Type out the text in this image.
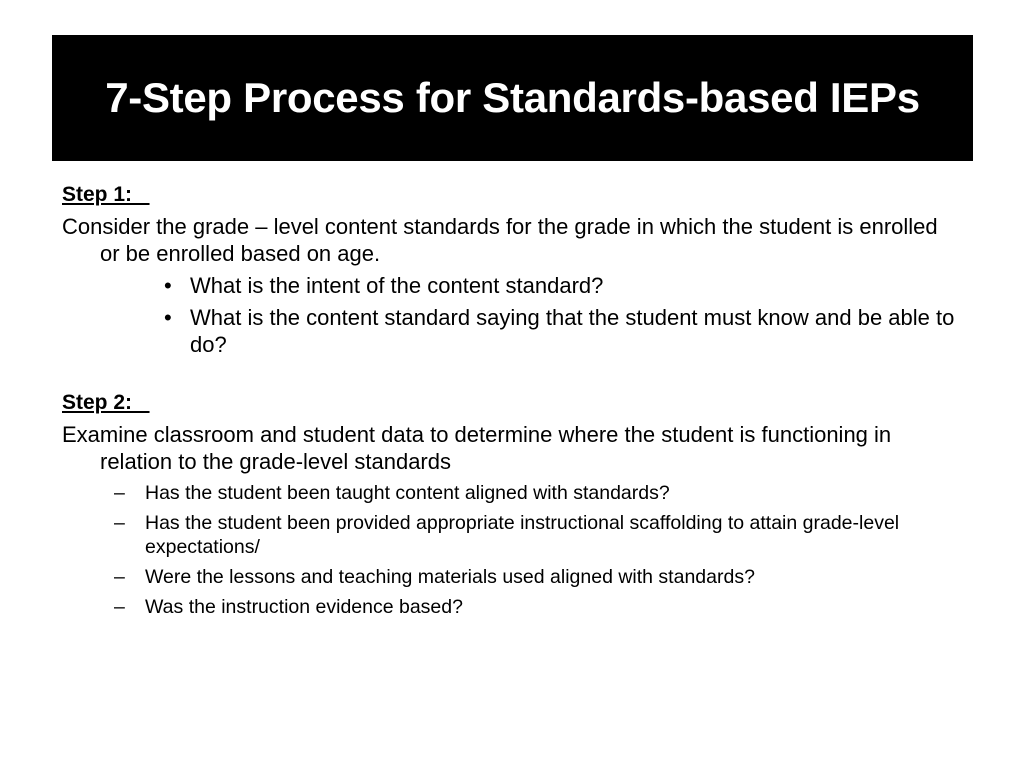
7-Step Process for Standards-based IEPs
Step 1:
Consider the grade – level content standards for the grade in which the student is enrolled or be enrolled based on age.
• What is the intent of the content standard?
• What is the content standard saying that the student must know and be able to do?
Step 2:
Examine classroom and student data to determine where the student is functioning in relation to the grade-level standards
– Has the student been taught content aligned with standards?
– Has the student been provided appropriate instructional scaffolding to attain grade-level expectations/
– Were the lessons and teaching materials used aligned with standards?
– Was the instruction evidence based?
